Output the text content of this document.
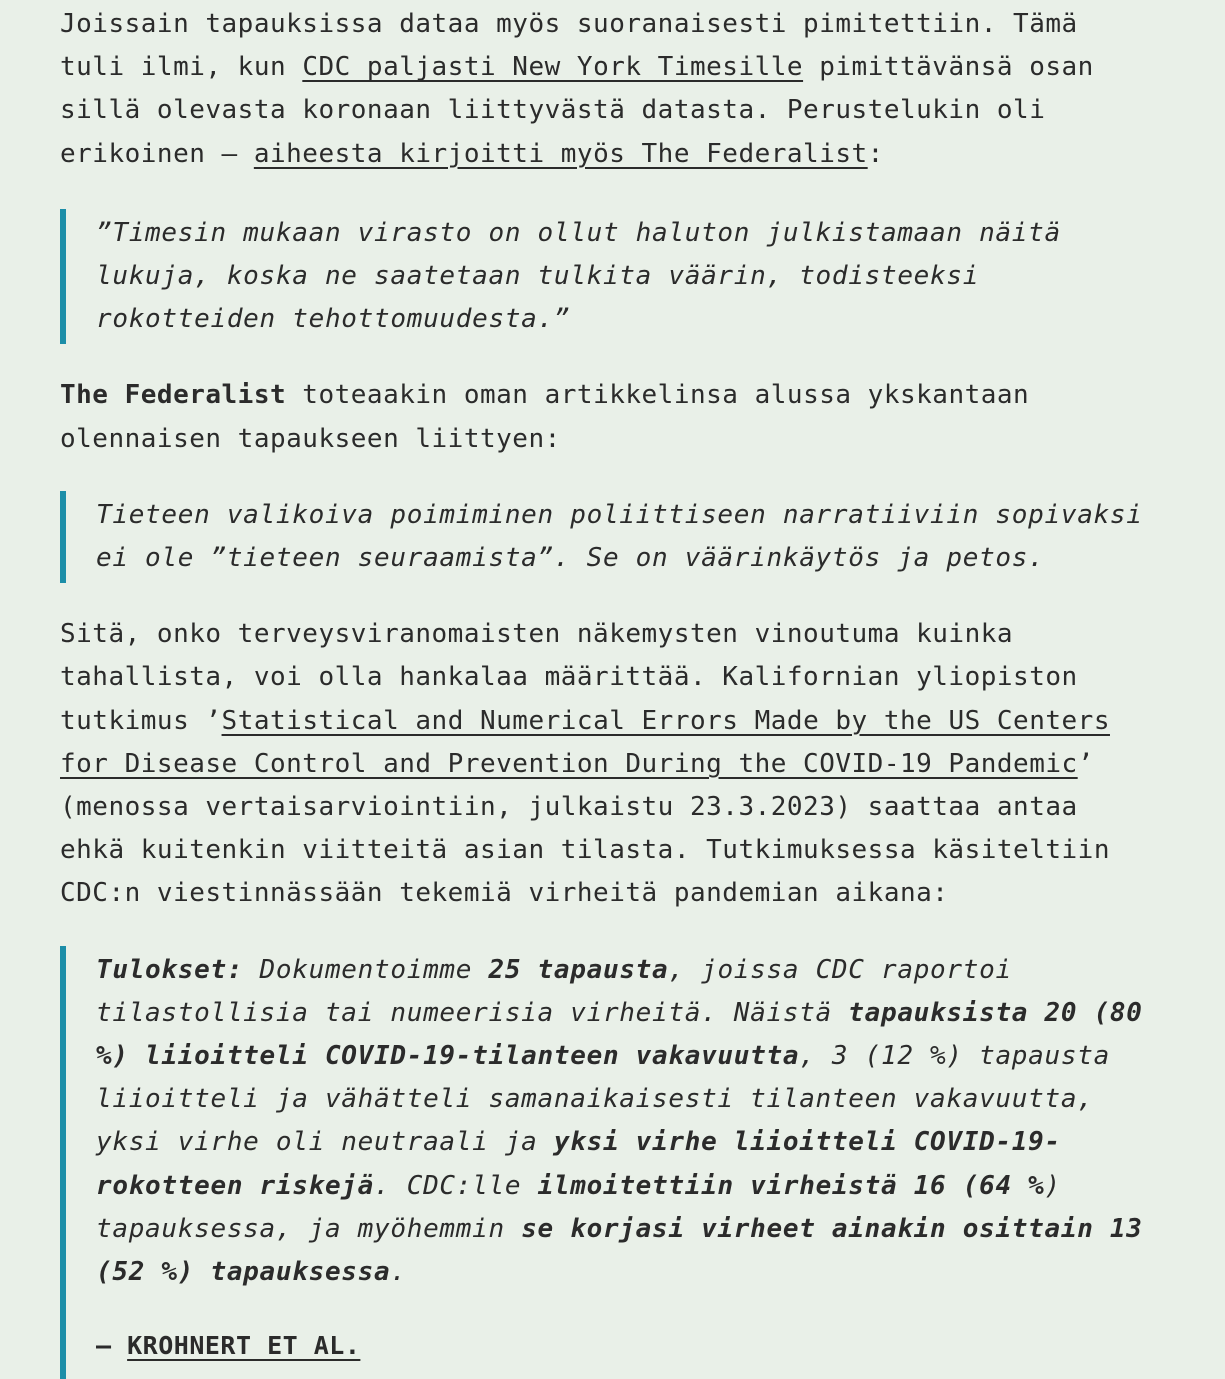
Joissain tapauksissa dataa myös suoranaisesti pimitettiin. Tämä tuli ilmi, kun CDC paljasti New York Timesille pimittävänsä osan sillä olevasta koronaan liittyvästä datasta. Perustelukin oli erikoinen – aiheesta kirjoitti myös The Federalist:

”Timesin mukaan virasto on ollut haluton julkistamaan näitä lukuja, koska ne saatetaan tulkita väärin, todisteeksi rokotteiden tehottomuudesta.”

The Federalist toteaakin oman artikkelinsa alussa ykskantaan olennaisen tapaukseen liittyen:

Tieteen valikoiva poimiminen poliittiseen narratiiviin sopivaksi ei ole ”tieteen seuraamista”. Se on väärinkäytös ja petos.

Sitä, onko terveysviranomaisten näkemysten vinoutuma kuinka tahallista, voi olla hankalaa määrittää. Kalifornian yliopiston tutkimus ’Statistical and Numerical Errors Made by the US Centers for Disease Control and Prevention During the COVID-19 Pandemic’ (menossa vertaisarviointiin, julkaistu 23.3.2023) saattaa antaa ehkä kuitenkin viitteitä asian tilasta. Tutkimuksessa käsiteltiin CDC:n viestinnässään tekemiä virheitä pandemian aikana:

Tulokset: Dokumentoimme 25 tapausta, joissa CDC raportoi tilastollisia tai numeerisia virheitä. Näistä tapauksista 20 (80 %) liioitteli COVID-19-tilanteen vakavuutta, 3 (12 %) tapausta liioitteli ja vähätteli samanaikaisesti tilanteen vakavuutta, yksi virhe oli neutraali ja yksi virhe liioitteli COVID-19-rokotteen riskejä. CDC:lle ilmoitettiin virheistä 16 (64 %) tapauksessa, ja myöhemmin se korjasi virheet ainakin osittain 13 (52 %) tapauksessa.

— KROHNERT ET AL.
